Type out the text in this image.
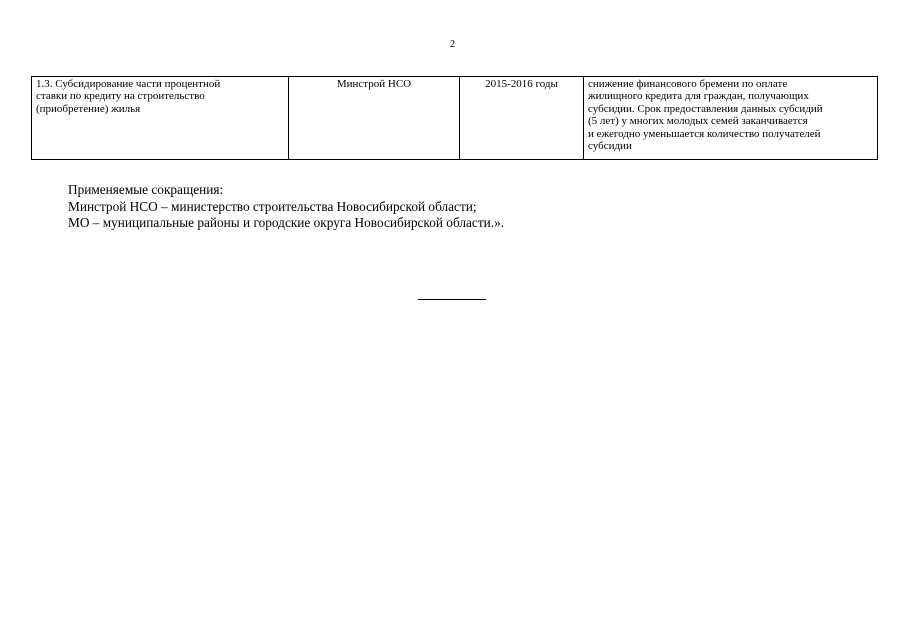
2
1.3. Субсидирование части процентной
ставки по кредиту на строительство
(приобретение) жилья
	Минстрой НСО	2015-2016 годы	снижение финансового бремени по оплате
жилищного кредита для граждан, получающих
субсидии. Срок предоставления данных субсидий
(5 лет) у многих молодых семей заканчивается
и ежегодно уменьшается количество получателей
субсидии
Применяемые сокращения:
Минстрой НСО – министерство строительства Новосибирской области;
МО – муниципальные районы и городские округа Новосибирской области.».
